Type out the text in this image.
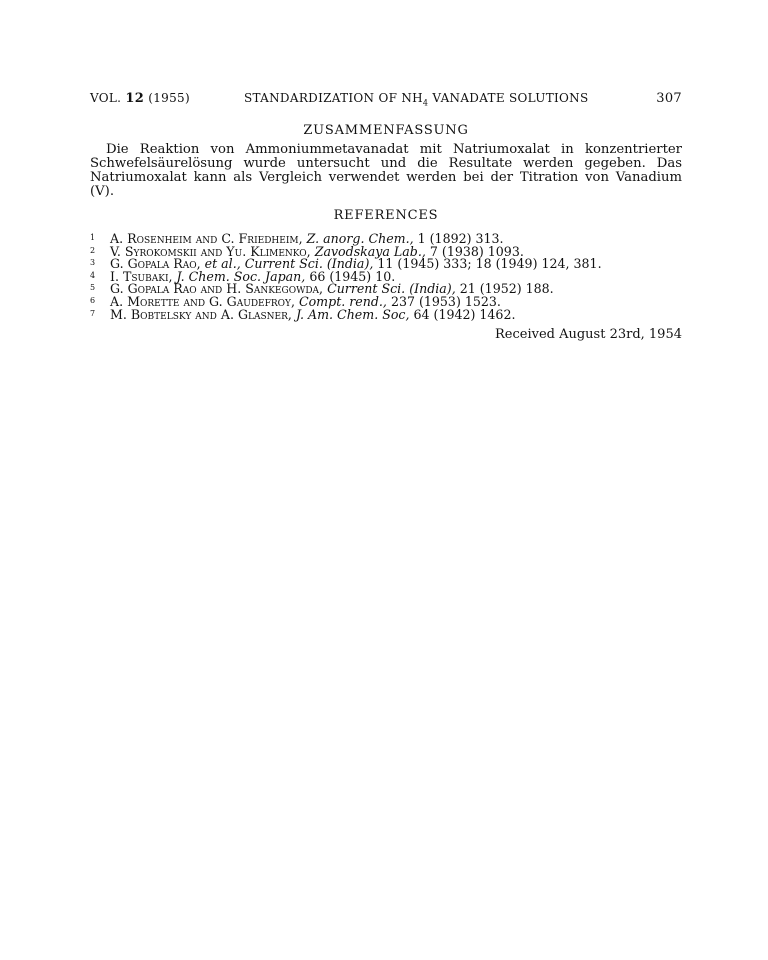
VOL. 12 (1955)	STANDARDIZATION OF $NH_4$ VANADATE SOLUTIONS	307
ZUSAMMENFASSUNG

Die Reaktion von Ammoniummetavanadat mit Natriumoxalat in konzentrierter Schwefelsäurelösung wurde untersucht und die Resultate werden gegeben. Das Natriumoxalat kann als Vergleich verwendet werden bei der Titration von Vanadium (V).

REFERENCES
1 A. Rosenheim and C. Friedheim, Z. anorg. Chem., 1 (1892) 313.
2 V. Syrokomskii and Yu. Klimenko, Zavodskaya Lab., 7 (1938) 1093.
3 G. Gopala Rao, et al., Current Sci. (India), 11 (1945) 333; 18 (1949) 124, 381.
4 I. Tsubaki, J. Chem. Soc. Japan, 66 (1945) 10.
5 G. Gopala Rao and H. Sankegowda, Current Sci. (India), 21 (1952) 188.
6 A. Morette and G. Gaudefroy, Compt. rend., 237 (1953) 1523.
7 M. Bobtelsky and A. Glasner, J. Am. Chem. Soc, 64 (1942) 1462.
Received August 23rd, 1954
